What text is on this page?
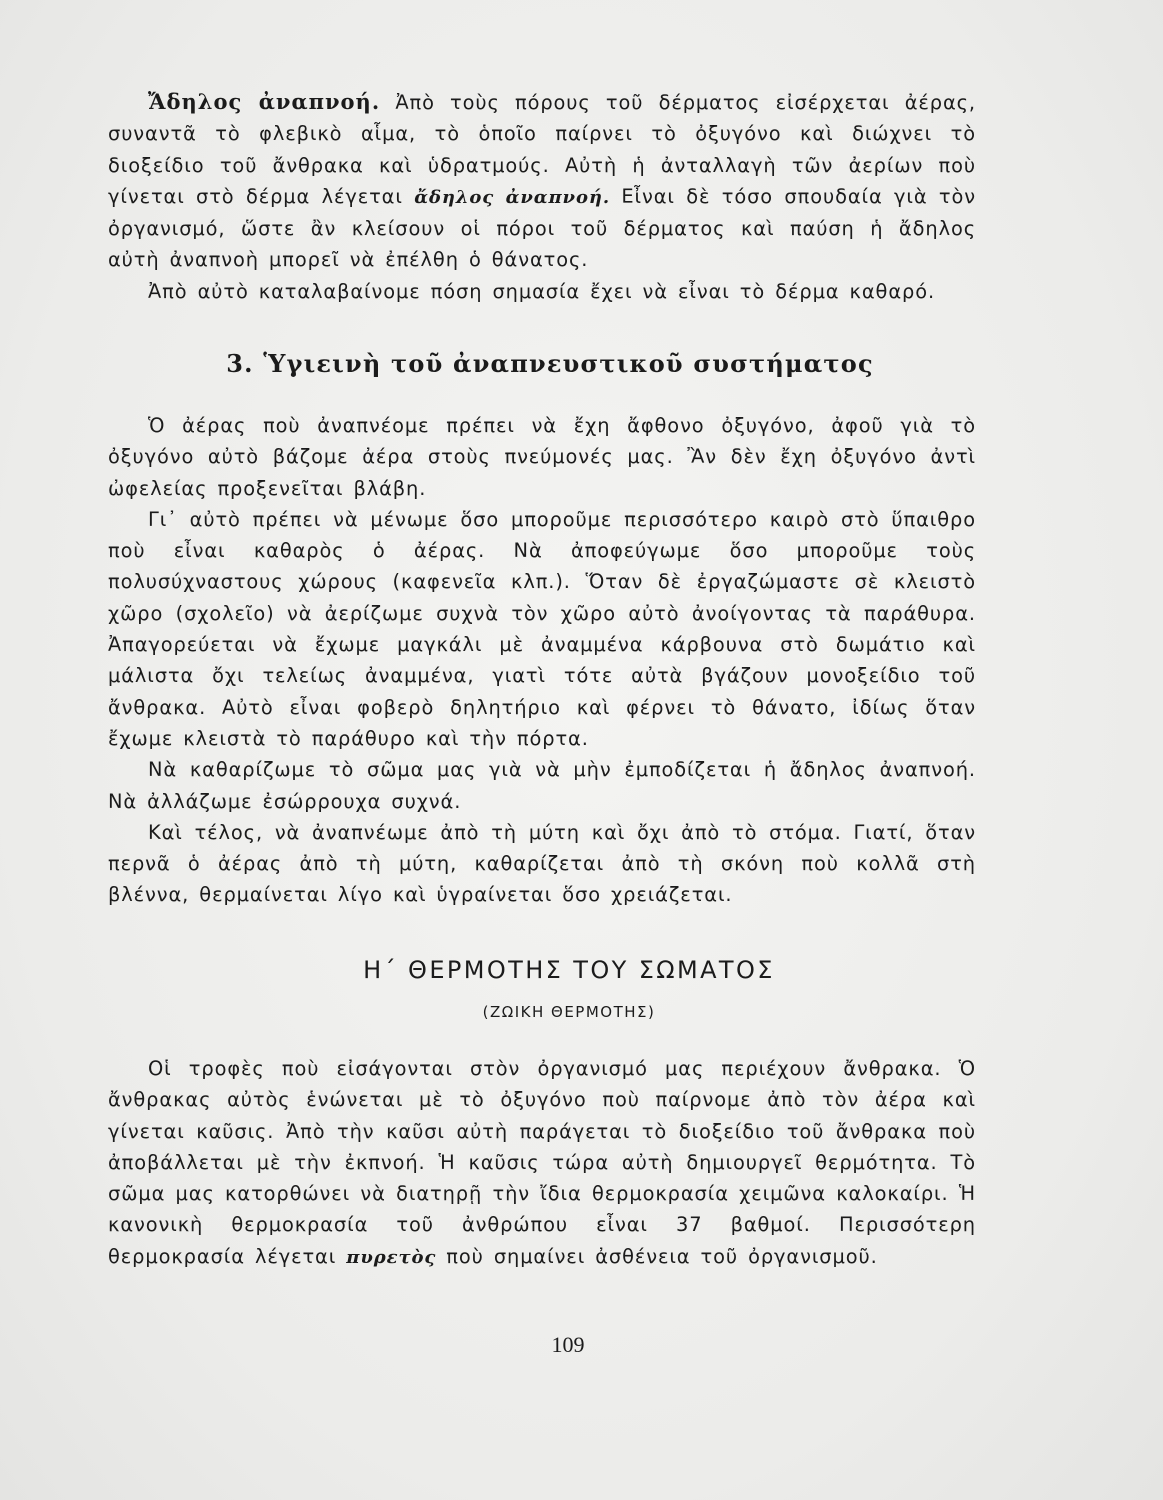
Ἄδηλος ἀναπνοή. Ἀπὸ τοὺς πόρους τοῦ δέρματος εἰσέρχεται ἀέρας, συναντᾶ τὸ φλεβικὸ αἷμα, τὸ ὁποῖο παίρνει τὸ ὀξυγόνο καὶ διώχνει τὸ διοξείδιο τοῦ ἄνθρακα καὶ ὑδρατμούς. Αὐτὴ ἡ ἀνταλλαγὴ τῶν ἀερίων ποὺ γίνεται στὸ δέρμα λέγεται ἄδηλος ἀναπνοή. Εἶναι δὲ τόσο σπουδαία γιὰ τὸν ὀργανισμό, ὥστε ἂν κλείσουν οἱ πόροι τοῦ δέρματος καὶ παύση ἡ ἄδηλος αὐτὴ ἀναπνοὴ μπορεῖ νὰ ἐπέλθη ὁ θάνατος.

Ἀπὸ αὐτὸ καταλαβαίνομε πόση σημασία ἔχει νὰ εἶναι τὸ δέρμα καθαρό.

3. Ὑγιεινὴ τοῦ ἀναπνευστικοῦ συστήματος

Ὁ ἀέρας ποὺ ἀναπνέομε πρέπει νὰ ἔχη ἄφθονο ὀξυγόνο, ἀφοῦ γιὰ τὸ ὀξυγόνο αὐτὸ βάζομε ἀέρα στοὺς πνεύμονές μας. Ἂν δὲν ἔχη ὀξυγόνο ἀντὶ ὠφελείας προξενεῖται βλάβη.

Γι᾽ αὐτὸ πρέπει νὰ μένωμε ὅσο μποροῦμε περισσότερο καιρὸ στὸ ὕπαιθρο ποὺ εἶναι καθαρὸς ὁ ἀέρας. Νὰ ἀποφεύγωμε ὅσο μποροῦμε τοὺς πολυσύχναστους χώρους (καφενεῖα κλπ.). Ὅταν δὲ ἐργαζώμαστε σὲ κλειστὸ χῶρο (σχολεῖο) νὰ ἀερίζωμε συχνὰ τὸν χῶρο αὐτὸ ἀνοίγοντας τὰ παράθυρα. Ἀπαγορεύεται νὰ ἔχωμε μαγκάλι μὲ ἀναμμένα κάρβουνα στὸ δωμάτιο καὶ μάλιστα ὄχι τελείως ἀναμμένα, γιατὶ τότε αὐτὰ βγάζουν μονοξείδιο τοῦ ἄνθρακα. Αὐτὸ εἶναι φοβερὸ δηλητήριο καὶ φέρνει τὸ θάνατο, ἰδίως ὅταν ἔχωμε κλειστὰ τὸ παράθυρο καὶ τὴν πόρτα.

Νὰ καθαρίζωμε τὸ σῶμα μας γιὰ νὰ μὴν ἐμποδίζεται ἡ ἄδηλος ἀναπνοή. Νὰ ἀλλάζωμε ἐσώρρουχα συχνά.

Καὶ τέλος, νὰ ἀναπνέωμε ἀπὸ τὴ μύτη καὶ ὄχι ἀπὸ τὸ στόμα. Γιατί, ὅταν περνᾶ ὁ ἀέρας ἀπὸ τὴ μύτη, καθαρίζεται ἀπὸ τὴ σκόνη ποὺ κολλᾶ στὴ βλέννα, θερμαίνεται λίγο καὶ ὑγραίνεται ὅσο χρειάζεται.

Η΄ ΘΕΡΜΟΤΗΣ ΤΟΥ ΣΩΜΑΤΟΣ
(ΖΩΙΚΗ ΘΕΡΜΟΤΗΣ)

Οἱ τροφὲς ποὺ εἰσάγονται στὸν ὀργανισμό μας περιέχουν ἄνθρακα. Ὁ ἄνθρακας αὐτὸς ἑνώνεται μὲ τὸ ὀξυγόνο ποὺ παίρνομε ἀπὸ τὸν ἀέρα καὶ γίνεται καῦσις. Ἀπὸ τὴν καῦσι αὐτὴ παράγεται τὸ διοξείδιο τοῦ ἄνθρακα ποὺ ἀποβάλλεται μὲ τὴν ἐκπνοή. Ἡ καῦσις τώρα αὐτὴ δημιουργεῖ θερμότητα. Τὸ σῶμα μας κατορθώνει νὰ διατηρῇ τὴν ἴδια θερμοκρασία χειμῶνα καλοκαίρι. Ἡ κανονικὴ θερμοκρασία τοῦ ἀνθρώπου εἶναι 37 βαθμοί. Περισσότερη θερμοκρασία λέγεται πυρετὸς ποὺ σημαίνει ἀσθένεια τοῦ ὀργανισμοῦ.

109
